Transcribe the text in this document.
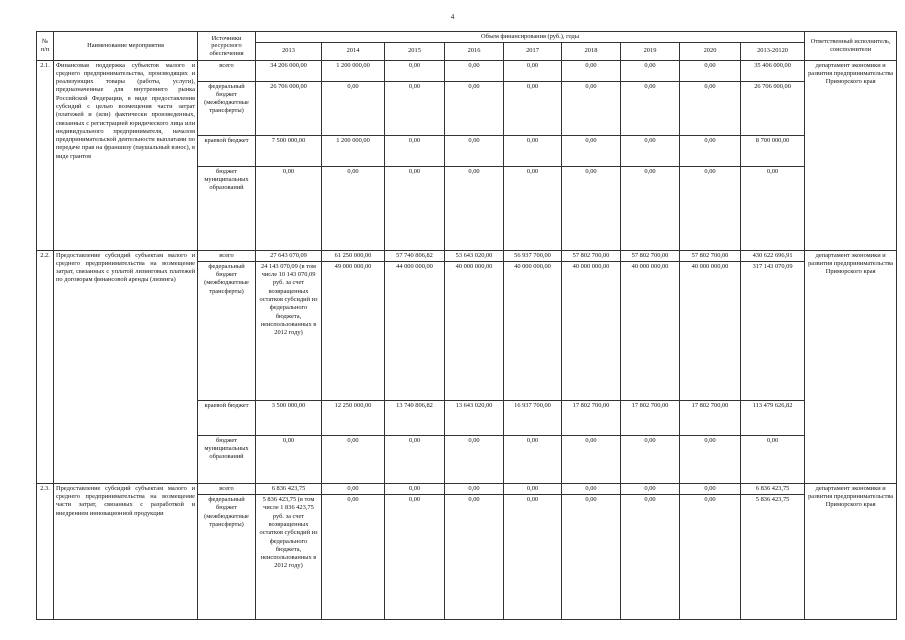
4
№ п/п	Наименование мероприятия	Источники ресурсного обеспечения	Объем финансирования (руб.), годы									Ответственный исполнитель, соисполнители
			2013	2014	2015	2016	2017	2018	2019	2020	2013-20120	
2.1.	Финансовая поддержка субъектов малого и среднего предпринимательства, производящих и реализующих товары (работы, услуги), предназначенные для внутреннего рынка Российской Федерации, в виде предоставления субсидий с целью возмещения части затрат (платежей и (или) фактически произведенных, связанных с регистрацией юридического лица или индивидуального предпринимателя, началом предпринимательской деятельности выплатами по передаче прав на франшизу (паушальный взнос), в виде грантов	всего	34 206 000,00	1 200 000,00	0,00	0,00	0,00	0,00	0,00	0,00	35 406 000,00	департамент экономики и развития предпринимательства Приморского края
		федеральный бюджет (межбюджетные трансферты)	26 706 000,00	0,00	0,00	0,00	0,00	0,00	0,00	0,00	26 706 000,00	
		краевой бюджет	7 500 000,00	1 200 000,00	0,00	0,00	0,00	0,00	0,00	0,00	8 700 000,00	
		бюджет муниципальных образований	0,00	0,00	0,00	0,00	0,00	0,00	0,00	0,00	0,00	
2.2.	Предоставление субсидий субъектам малого и среднего предпринимательства на возмещение затрат, связанных с уплатой лизинговых платежей по договорам финансовой аренды (лизинга)	всего	27 643 070,09	61 250 000,00	57 740 806,82	53 643 020,00	56 937 700,00	57 802 700,00	57 802 700,00	57 802 700,00	430 622 696,91	департамент экономики и развития предпринимательства Приморского края
		федеральный бюджет (межбюджетные трансферты)	24 143 070,09 (в том числе 10 143 070,09 руб. за счет возвращенных остатков субсидий из федерального бюджета, неиспользованных в 2012 году)	49 000 000,00	44 000 000,00	40 000 000,00	40 000 000,00	40 000 000,00	40 000 000,00	40 000 000,00	317 143 070,09	
		краевой бюджет	3 500 000,00	12 250 000,00	13 740 806,82	13 643 020,00	16 937 700,00	17 802 700,00	17 802 700,00	17 802 700,00	113 479 626,82	
		бюджет муниципальных образований	0,00	0,00	0,00	0,00	0,00	0,00	0,00	0,00	0,00	
2.3.	Предоставление субсидий субъектам малого и среднего предпринимательства на возмещение части затрат, связанных с разработкой и внедрением инновационной продукции	всего	6 836 423,75	0,00	0,00	0,00	0,00	0,00	0,00	0,00	6 836 423,75	департамент экономики и развития предпринимательства Приморского края
		федеральный бюджет (межбюджетные трансферты)	5 836 423,75 (в том числе 1 836 423,75 руб. за счет возвращенных остатков субсидий из федерального бюджета, неиспользованных в 2012 году)	0,00	0,00	0,00	0,00	0,00	0,00	0,00	5 836 423,75	
